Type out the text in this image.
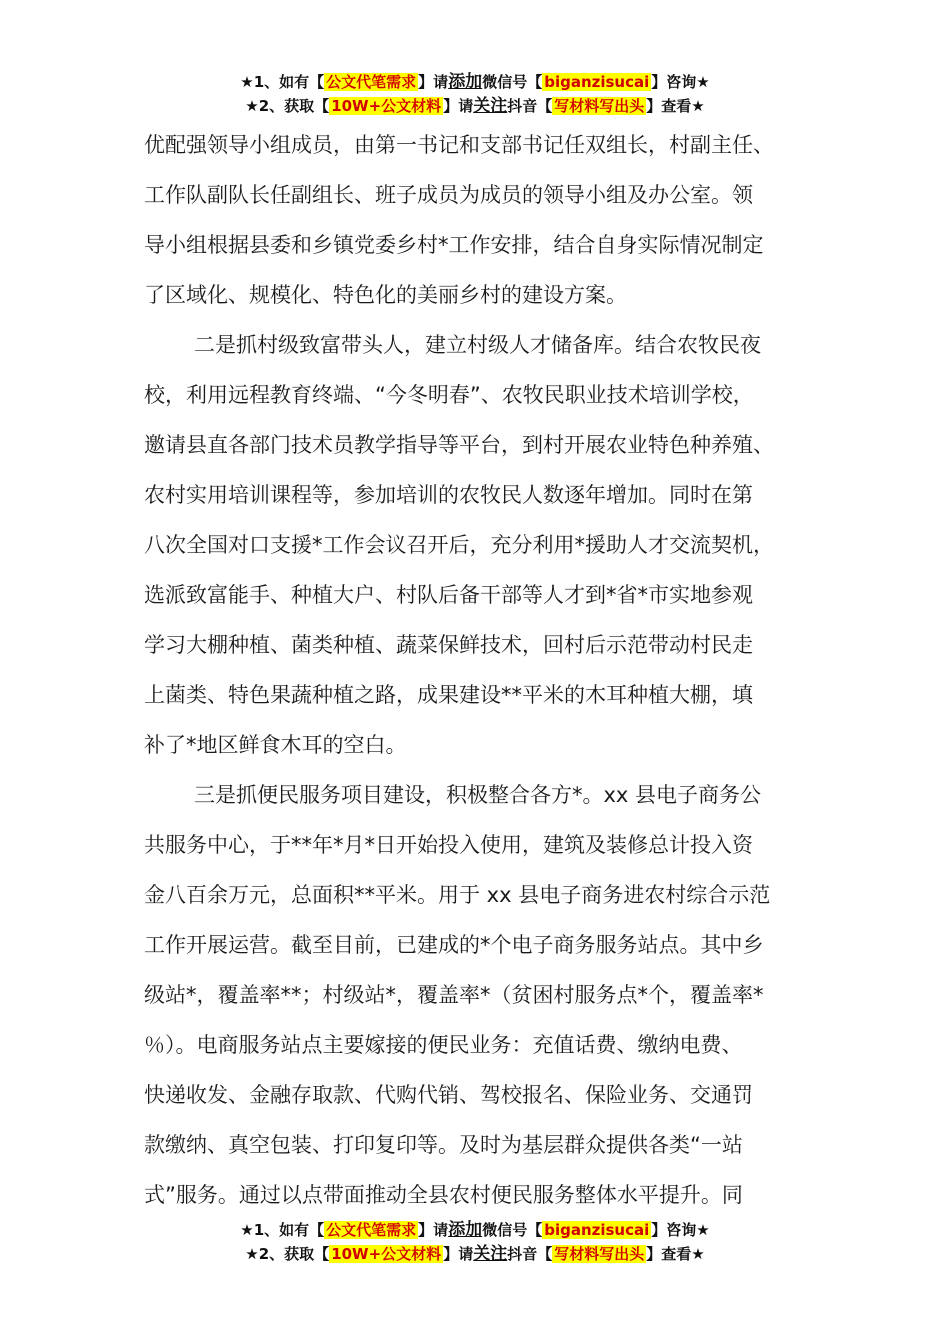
★1、如有【 公文代笔需求 】请添加微信号【 biganzisucai 】咨询★
★2、获取【 10W+公文材料 】请关注抖音【 写材料写出头 】查看★
优配强领导小组成员，由第一书记和支部书记任双组长，村副主任、
工作队副队长任副组长、班子成员为成员的领导小组及办公室。领
导小组根据县委和乡镇党委乡村*工作安排，结合自身实际情况制定
了区域化、规模化、特色化的美丽乡村的建设方案。
二是抓村级致富带头人，建立村级人才储备库。结合农牧民夜
校，利用远程教育终端、“今冬明春”、农牧民职业技术培训学校，
邀请县直各部门技术员教学指导等平台，到村开展农业特色种养殖、
农村实用培训课程等，参加培训的农牧民人数逐年增加。同时在第
八次全国对口支援*工作会议召开后，充分利用*援助人才交流契机，
选派致富能手、种植大户、村队后备干部等人才到*省*市实地参观
学习大棚种植、菌类种植、蔬菜保鲜技术，回村后示范带动村民走
上菌类、特色果蔬种植之路，成果建设**平米的木耳种植大棚，填
补了*地区鲜食木耳的空白。
三是抓便民服务项目建设，积极整合各方*。xx 县电子商务公
共服务中心，于**年*月*日开始投入使用，建筑及装修总计投入资
金八百余万元，总面积**平米。用于 xx 县电子商务进农村综合示范
工作开展运营。截至目前，已建成的*个电子商务服务站点。其中乡
级站*，覆盖率**；村级站*，覆盖率*（贫困村服务点*个，覆盖率*
％）。电商服务站点主要嫁接的便民业务：充值话费、缴纳电费、
快递收发、金融存取款、代购代销、驾校报名、保险业务、交通罚
款缴纳、真空包装、打印复印等。及时为基层群众提供各类“一站
式”服务。通过以点带面推动全县农村便民服务整体水平提升。同
★1、如有【 公文代笔需求 】请添加微信号【 biganzisucai 】咨询★
★2、获取【 10W+公文材料 】请关注抖音【 写材料写出头 】查看★
